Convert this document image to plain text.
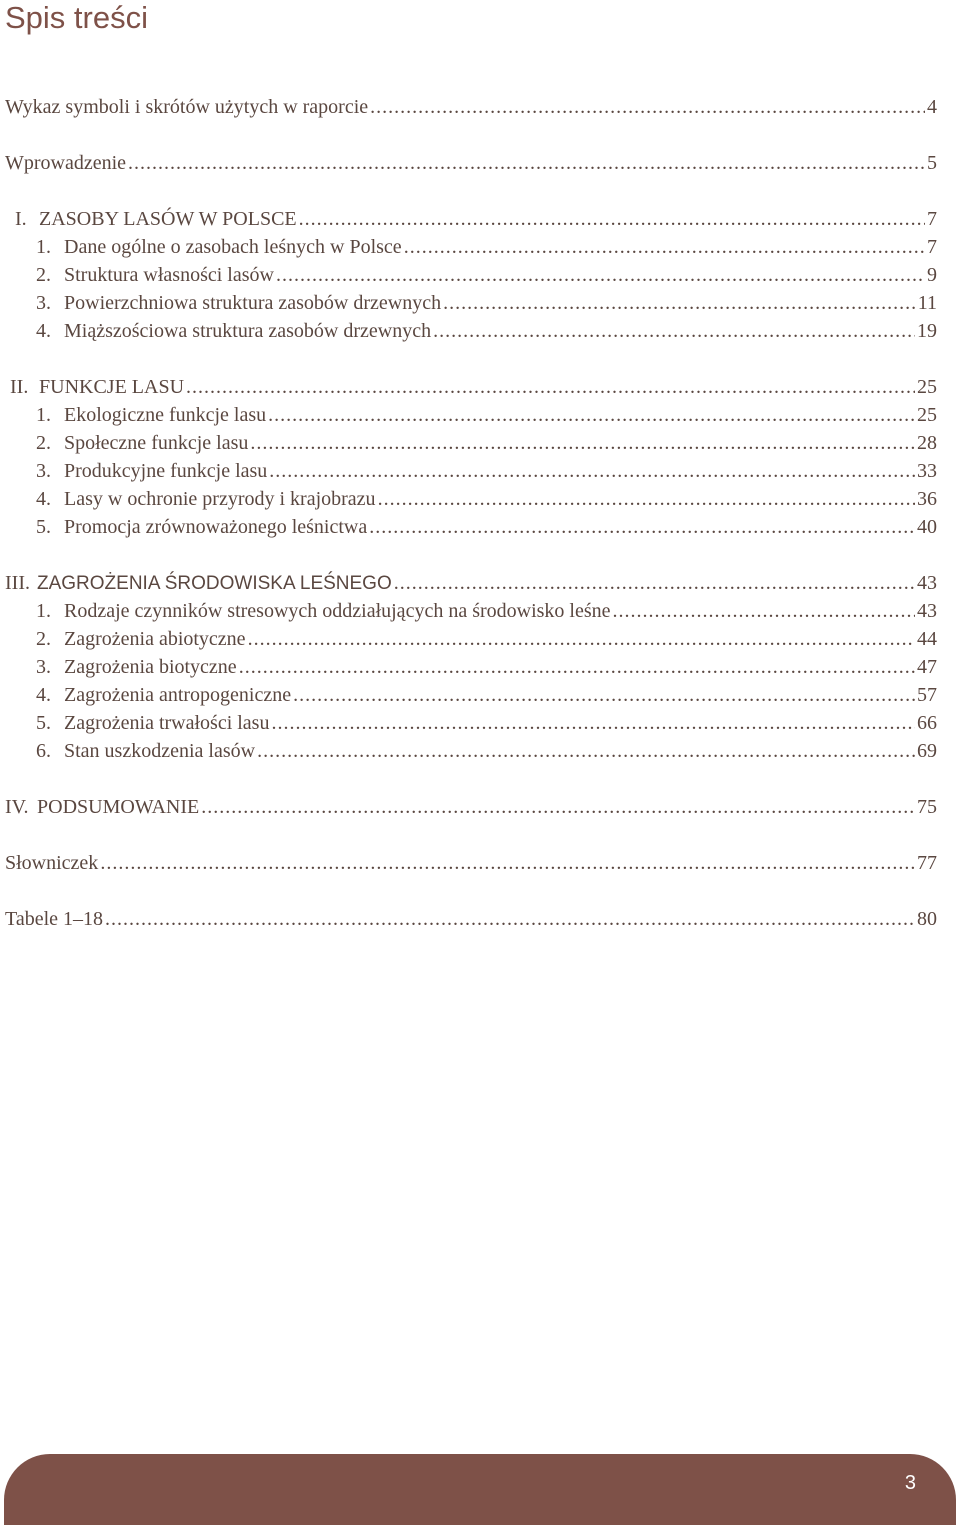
Spis treści
Wykaz symboli i skrótów użytych w raporcie .....	4
Wprowadzenie .....	5
I. ZASOBY LASÓW W POLSCE .....	7
1. Dane ogólne o zasobach leśnych w Polsce .....	7
2. Struktura własności lasów .....	9
3. Powierzchniowa struktura zasobów drzewnych .....	11
4. Miąższościowa struktura zasobów drzewnych .....	19
II. FUNKCJE LASU .....	25
1. Ekologiczne funkcje lasu .....	25
2. Społeczne funkcje lasu .....	28
3. Produkcyjne funkcje lasu .....	33
4. Lasy w ochronie przyrody i krajobrazu .....	36
5. Promocja zrównoważonego leśnictwa .....	40
III. ZAGROŻENIA ŚRODOWISKA LEŚNEGO .....	43
1. Rodzaje czynników stresowych oddziałujących na środowisko leśne .....	43
2. Zagrożenia abiotyczne .....	44
3. Zagrożenia biotyczne .....	47
4. Zagrożenia antropogeniczne .....	57
5. Zagrożenia trwałości lasu .....	66
6. Stan uszkodzenia lasów .....	69
IV. PODSUMOWANIE .....	75
Słowniczek .....	77
Tabele 1–18 .....	80
3
